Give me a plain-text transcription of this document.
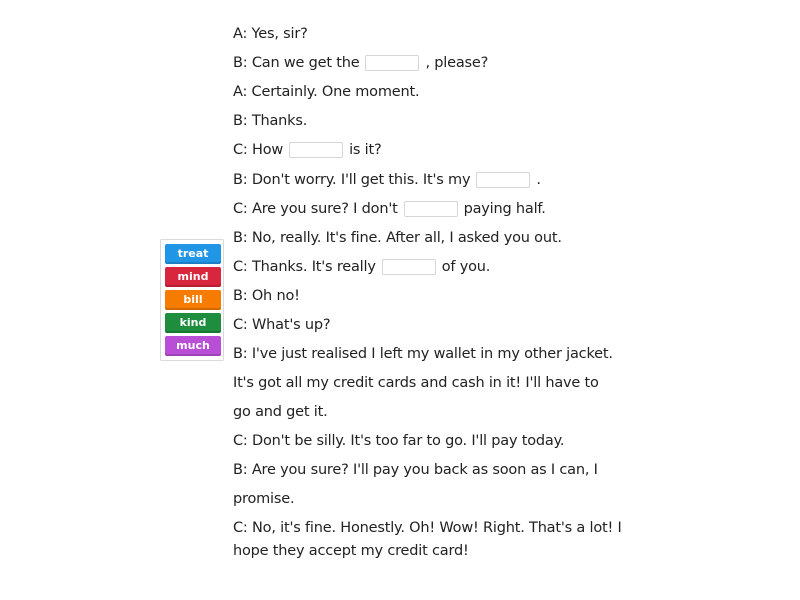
treat
mind
bill
kind
much
A: Yes, sir?
B: Can we get the	, please?
A: Certainly. One moment.
B: Thanks.
C: How	is it?
B: Don't worry. I'll get this. It's my	.
C: Are you sure? I don't	paying half.
B: No, really. It's fine. After all, I asked you out.
C: Thanks. It's really	of you.
B: Oh no!
C: What's up?
B: I've just realised I left my wallet in my other jacket.
It's got all my credit cards and cash in it! I'll have to
go and get it.
C: Don't be silly. It's too far to go. I'll pay today.
B: Are you sure? I'll pay you back as soon as I can, I
promise.
C: No, it's fine. Honestly. Oh! Wow! Right. That's a lot! I
hope they accept my credit card!
